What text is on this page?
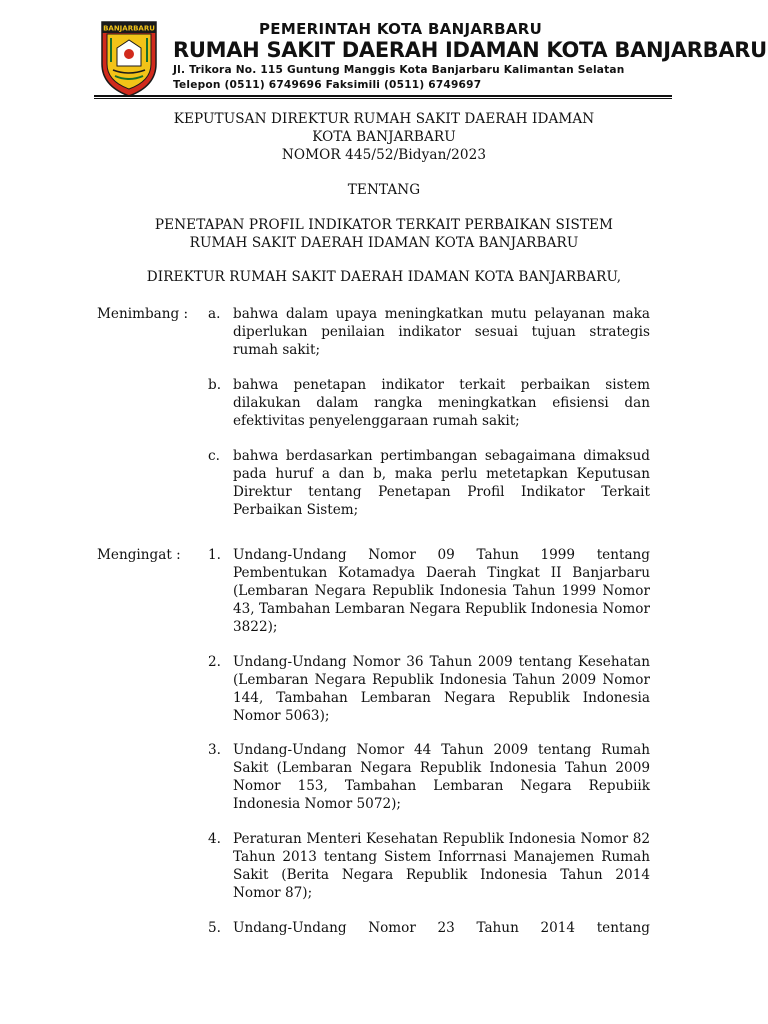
BANJARBARU	PEMERINTAH KOTA BANJARBARU
RUMAH SAKIT DAERAH IDAMAN KOTA BANJARBARU
Jl. Trikora No. 115 Guntung Manggis Kota Banjarbaru Kalimantan Selatan
Telepon (0511) 6749696 Faksimili (0511) 6749697
KEPUTUSAN DIREKTUR RUMAH SAKIT DAERAH IDAMAN
KOTA BANJARBARU
NOMOR 445/52/Bidyan/2023
TENTANG
PENETAPAN PROFIL INDIKATOR TERKAIT PERBAIKAN SISTEM
RUMAH SAKIT DAERAH IDAMAN KOTA BANJARBARU
DIREKTUR RUMAH SAKIT DAERAH IDAMAN KOTA BANJARBARU,
Menimbang : a. bahwa dalam upaya meningkatkan mutu pelayanan maka diperlukan penilaian indikator sesuai tujuan strategis rumah sakit;
b. bahwa penetapan indikator terkait perbaikan sistem dilakukan dalam rangka meningkatkan efisiensi dan efektivitas penyelenggaraan rumah sakit;
c. bahwa berdasarkan pertimbangan sebagaimana dimaksud pada huruf a dan b, maka perlu metetapkan Keputusan Direktur tentang Penetapan Profil Indikator Terkait Perbaikan Sistem;
Mengingat : 1. Undang-Undang Nomor 09 Tahun 1999 tentang Pembentukan Kotamadya Daerah Tingkat II Banjarbaru (Lembaran Negara Republik Indonesia Tahun 1999 Nomor 43, Tambahan Lembaran Negara Republik Indonesia Nomor 3822);
2. Undang-Undang Nomor 36 Tahun 2009 tentang Kesehatan (Lembaran Negara Republik Indonesia Tahun 2009 Nomor 144, Tambahan Lembaran Negara Republik Indonesia Nomor 5063);
3. Undang-Undang Nomor 44 Tahun 2009 tentang Rumah Sakit (Lembaran Negara Republik Indonesia Tahun 2009 Nomor 153, Tambahan Lembaran Negara Repubiik Indonesia Nomor 5072);
4. Peraturan Menteri Kesehatan Republik Indonesia Nomor 82 Tahun 2013 tentang Sistem Inforrnasi Manajemen Rumah Sakit (Berita Negara Republik Indonesia Tahun 2014 Nomor 87);
5. Undang-Undang Nomor 23 Tahun 2014 tentang
